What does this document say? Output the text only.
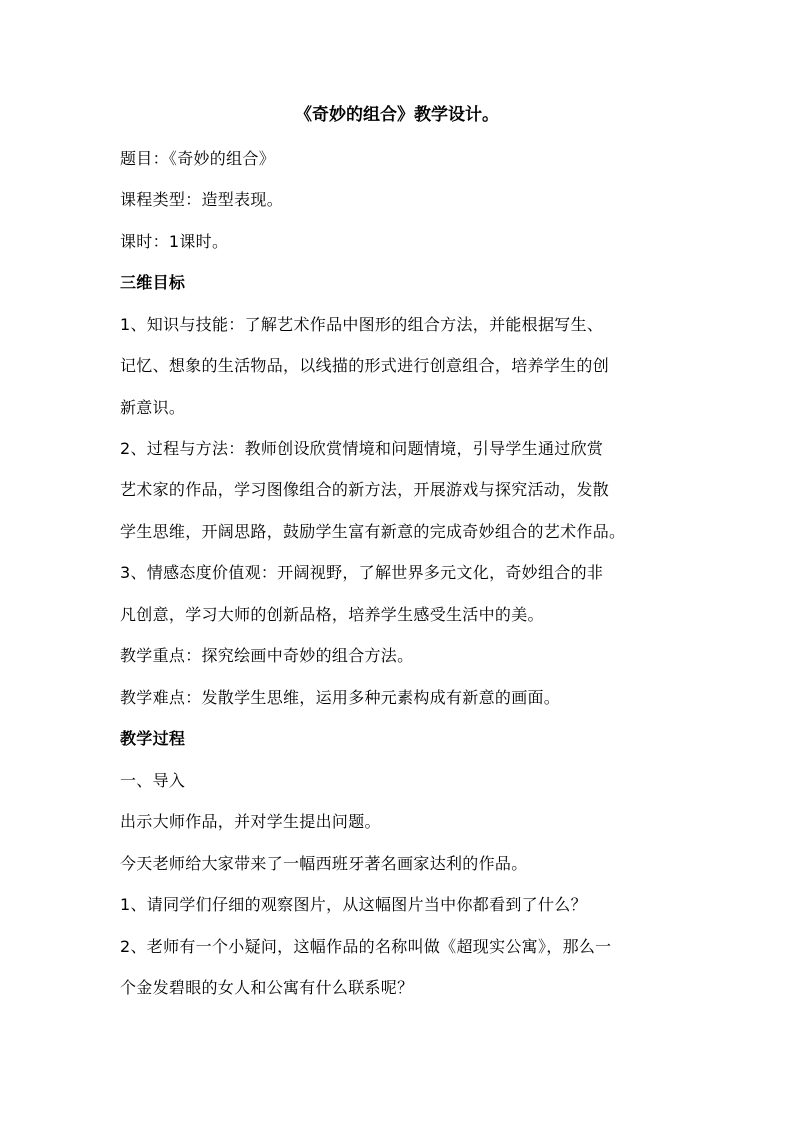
《奇妙的组合》教学设计。
题目：《奇妙的组合》
课程类型：造型表现。
课时：1课时。
三维目标
1、知识与技能：了解艺术作品中图形的组合方法，并能根据写生、
记忆、想象的生活物品，以线描的形式进行创意组合，培养学生的创
新意识。
2、过程与方法：教师创设欣赏情境和问题情境，引导学生通过欣赏
艺术家的作品，学习图像组合的新方法，开展游戏与探究活动，发散
学生思维，开阔思路，鼓励学生富有新意的完成奇妙组合的艺术作品。
3、情感态度价值观：开阔视野，了解世界多元文化，奇妙组合的非
凡创意，学习大师的创新品格，培养学生感受生活中的美。
教学重点：探究绘画中奇妙的组合方法。
教学难点：发散学生思维，运用多种元素构成有新意的画面。
教学过程
一、导入
出示大师作品，并对学生提出问题。
今天老师给大家带来了一幅西班牙著名画家达利的作品。
1、请同学们仔细的观察图片，从这幅图片当中你都看到了什么？
2、老师有一个小疑问，这幅作品的名称叫做《超现实公寓》，那么一
个金发碧眼的女人和公寓有什么联系呢？
